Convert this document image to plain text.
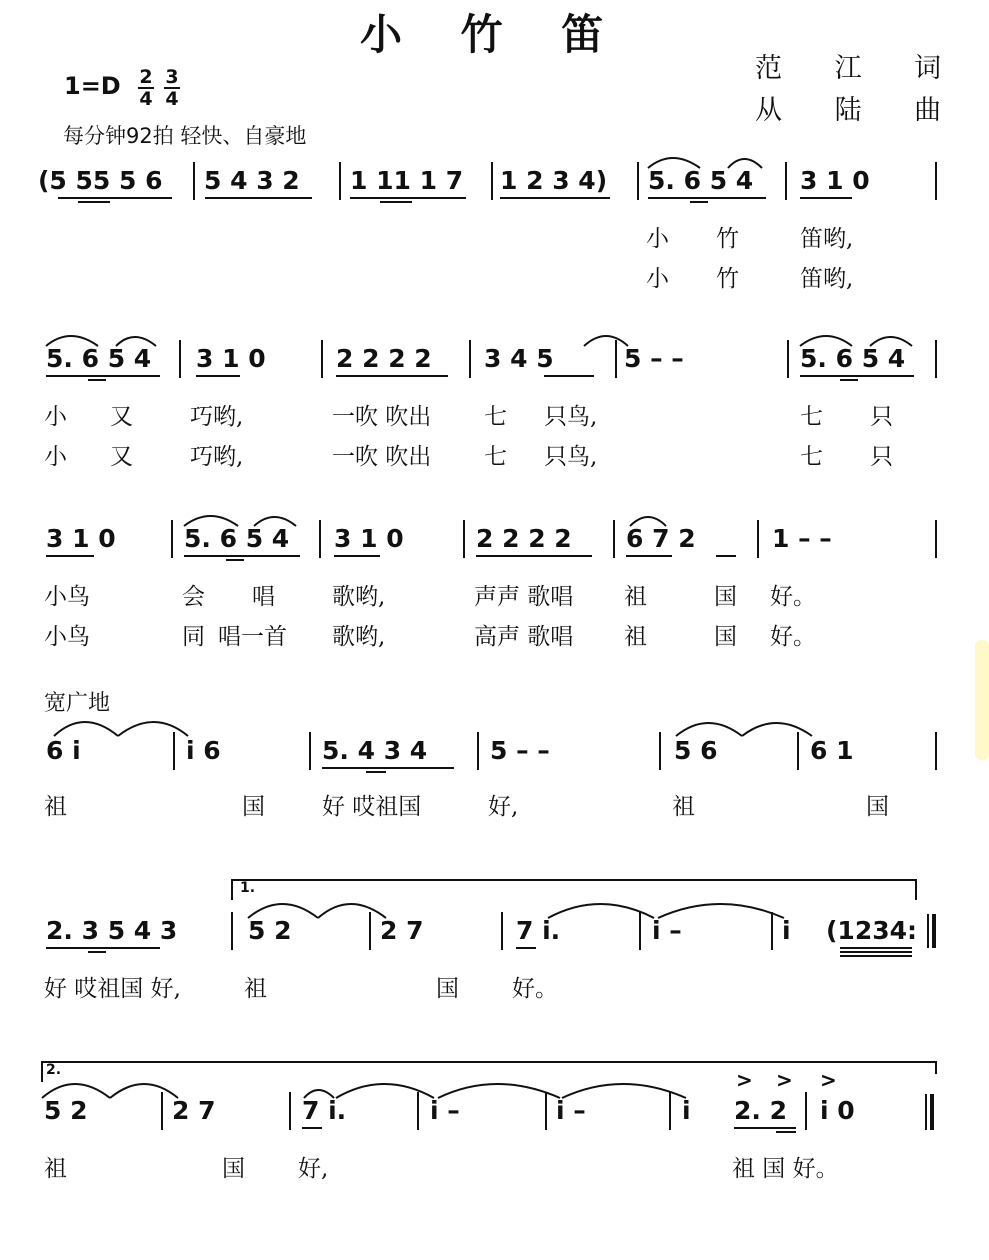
小 竹 笛
范 江 词
从 陆 曲
1=D 2
4
3
4
每分钟92拍 轻快、自豪地
(5 55 5 6 5 4 3 2 1 11 1 7 1 2 3 4) 5. 6 5 4 3 1 0
小 竹	笛哟,
小 竹	笛哟,
5. 6 5 4 3 1 0	2 2 2 2 3 4 5	5 – –	5. 6 5 4
小 又 巧哟,	一吹 吹出 七 只鸟,	七 只
小 又 巧哟,	一吹 吹出 七 只鸟,	七 只
3 1 0	5. 6 5 4 3 1 0	2 2 2 2 6 7 2	1 – –
小鸟	会 唱 歌哟,	声声 歌唱 祖	国 好。
小鸟	同 唱一首 歌哟,	高声 歌唱 祖	国 好。
宽广地
6 i	i 6	5. 4 3 4	5 – –	5 6	6 1
祖	国 好 哎祖国	好,	祖	国
1.
2. 3 5 4 3	5 2	2 7	7 i.	i –	i (1234:
好 哎祖国 好,	祖	国 好。
2.
5 2	2 7	7 i.	i –	i –	i 2. 2 i 0
> > >
祖	国 好,	祖 国 好。
